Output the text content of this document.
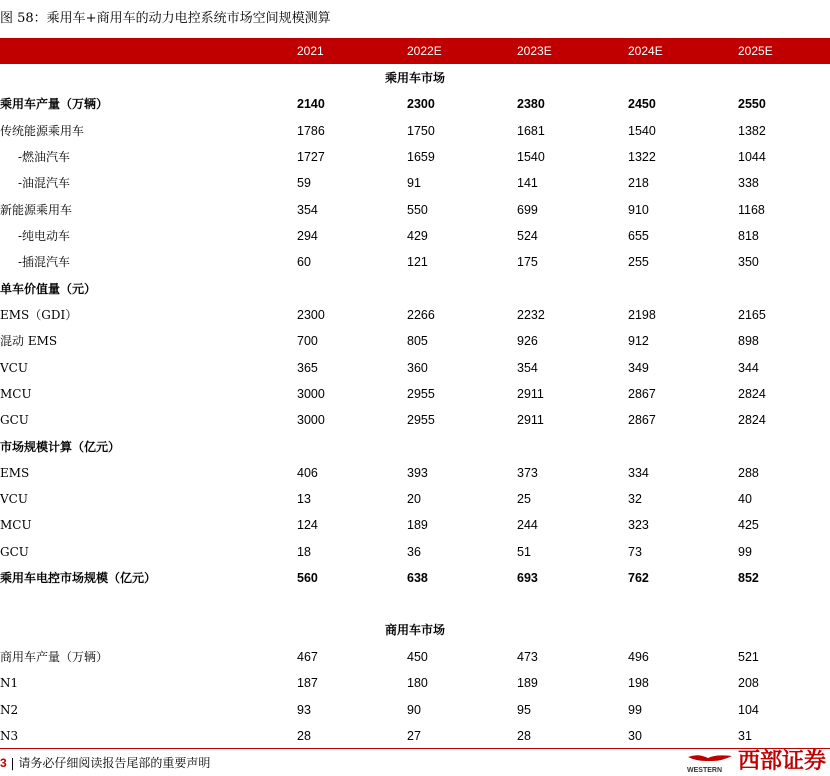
图 58：乘用车+商用车的动力电控系统市场空间规模测算
2021	2022E	2023E	2024E	2025E
乘用车市场
乘用车产量（万辆）	2140	2300	2380	2450	2550
传统能源乘用车	1786	1750	1681	1540	1382
-燃油汽车	1727	1659	1540	1322	1044
-油混汽车	59	91	141	218	338
新能源乘用车	354	550	699	910	1168
-纯电动车	294	429	524	655	818
-插混汽车	60	121	175	255	350
单车价值量（元）
EMS（GDI）	2300	2266	2232	2198	2165
混动 EMS	700	805	926	912	898
VCU	365	360	354	349	344
MCU	3000	2955	2911	2867	2824
GCU	3000	2955	2911	2867	2824
市场规模计算（亿元）
EMS	406	393	373	334	288
VCU	13	20	25	32	40
MCU	124	189	244	323	425
GCU	18	36	51	73	99
乘用车电控市场规模（亿元）	560	638	693	762	852
商用车市场
商用车产量（万辆）	467	450	473	496	521
N1	187	180	189	198	208
N2	93	90	95	99	104
N3	28	27	28	30	31
3 | 请务必仔细阅读报告尾部的重要声明
WESTERN 西部证券
